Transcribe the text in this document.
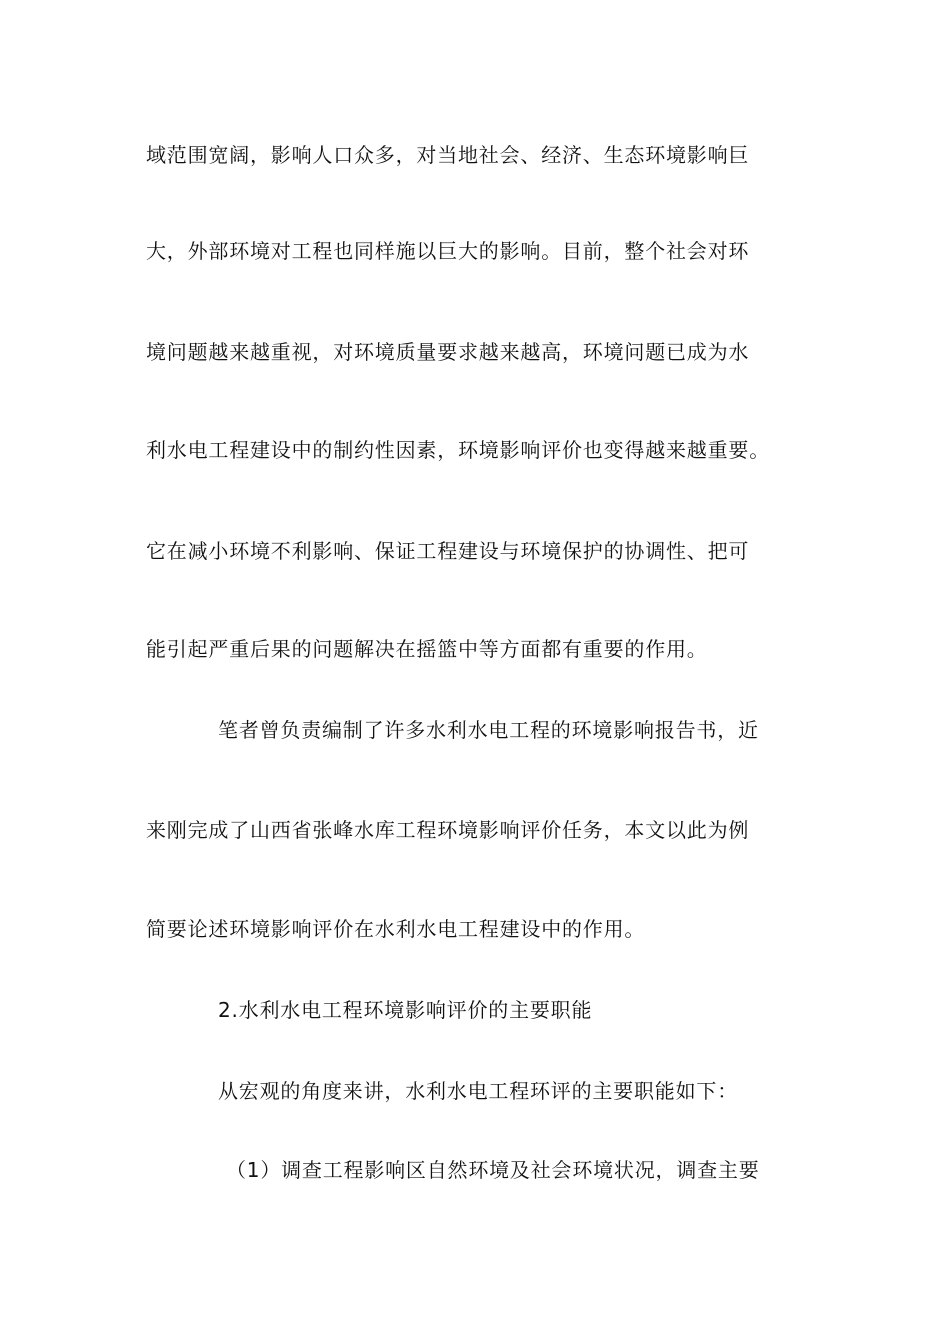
域范围宽阔，影响人口众多，对当地社会、经济、生态环境影响巨

大，外部环境对工程也同样施以巨大的影响。目前，整个社会对环

境问题越来越重视，对环境质量要求越来越高，环境问题已成为水

利水电工程建设中的制约性因素，环境影响评价也变得越来越重要。

它在减小环境不利影响、保证工程建设与环境保护的协调性、把可

能引起严重后果的问题解决在摇篮中等方面都有重要的作用。

笔者曾负责编制了许多水利水电工程的环境影响报告书，近

来刚完成了山西省张峰水库工程环境影响评价任务，本文以此为例

简要论述环境影响评价在水利水电工程建设中的作用。

2.水利水电工程环境影响评价的主要职能

从宏观的角度来讲，水利水电工程环评的主要职能如下：

（1）调查工程影响区自然环境及社会环境状况，调查主要
